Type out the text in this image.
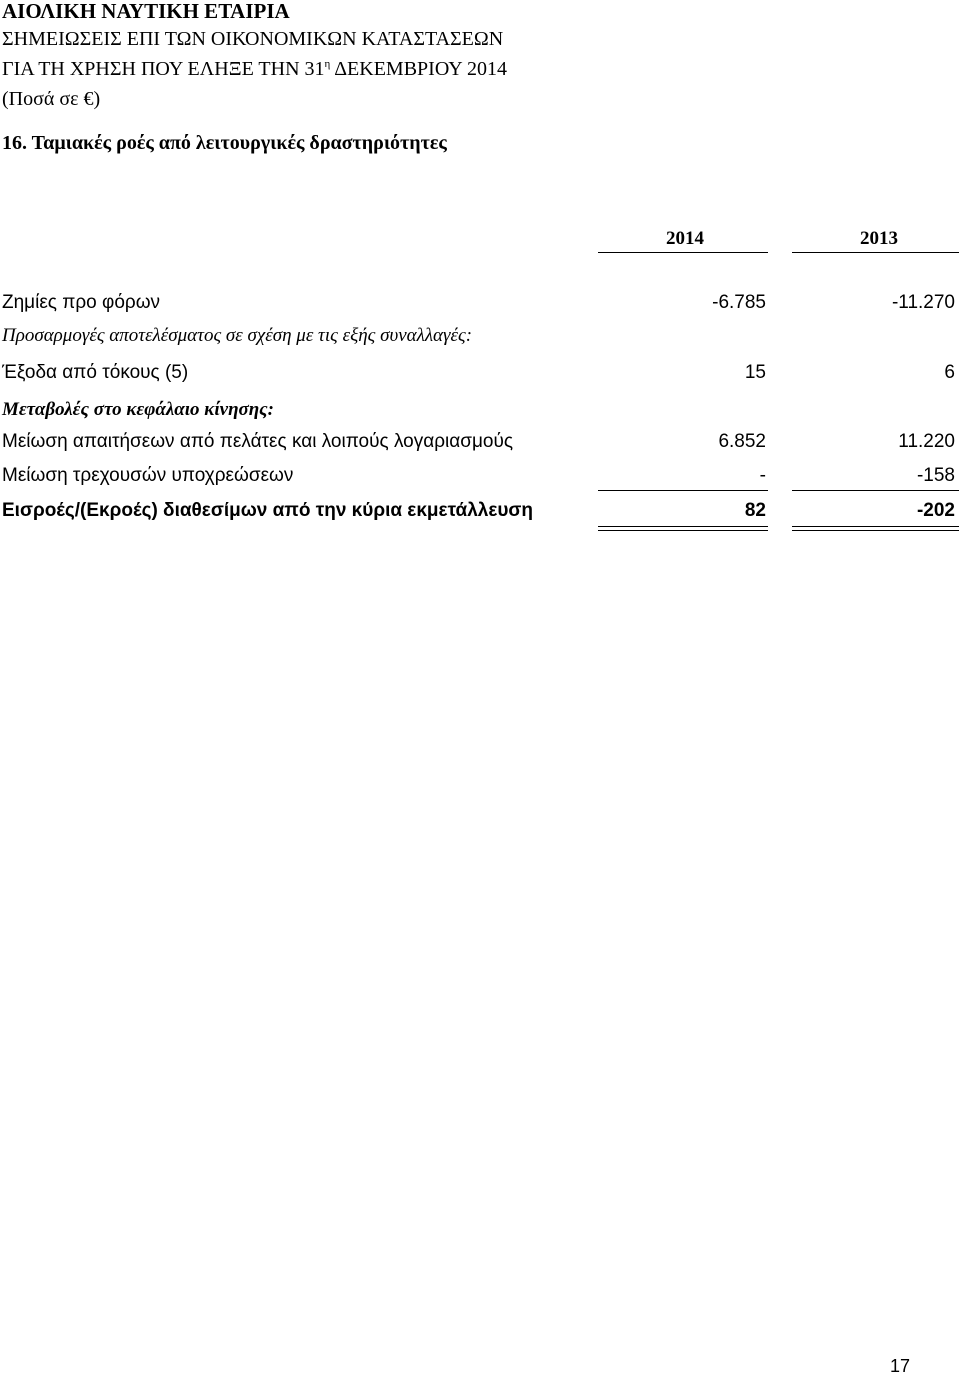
ΑΙΟΛΙΚΗ ΝΑΥΤΙΚΗ ΕΤΑΙΡΙΑ
ΣΗΜΕΙΩΣΕΙΣ ΕΠΙ ΤΩΝ ΟΙΚΟΝΟΜΙΚΩΝ ΚΑΤΑΣΤΑΣΕΩΝ
ΓΙΑ ΤΗ ΧΡΗΣΗ ΠΟΥ ΕΛΗΞΕ ΤΗΝ $31^\eta$ ΔΕΚΕΜΒΡΙΟΥ 2014
(Ποσά σε €)
16. Ταμιακές ροές από λειτουργικές δραστηριότητες
2014	2013
Ζημίες προ φόρων	-6.785	-11.270
Προσαρμογές αποτελέσματος σε σχέση με τις εξής συναλλαγές:
Έξοδα από τόκους (5)	15	6
Μεταβολές στο κεφάλαιο κίνησης:
Μείωση απαιτήσεων από πελάτες και λοιπούς λογαριασμούς	6.852	11.220
Μείωση τρεχουσών υποχρεώσεων	-	-158
Εισροές/(Εκροές) διαθεσίμων από την κύρια εκμετάλλευση	82	-202
17
